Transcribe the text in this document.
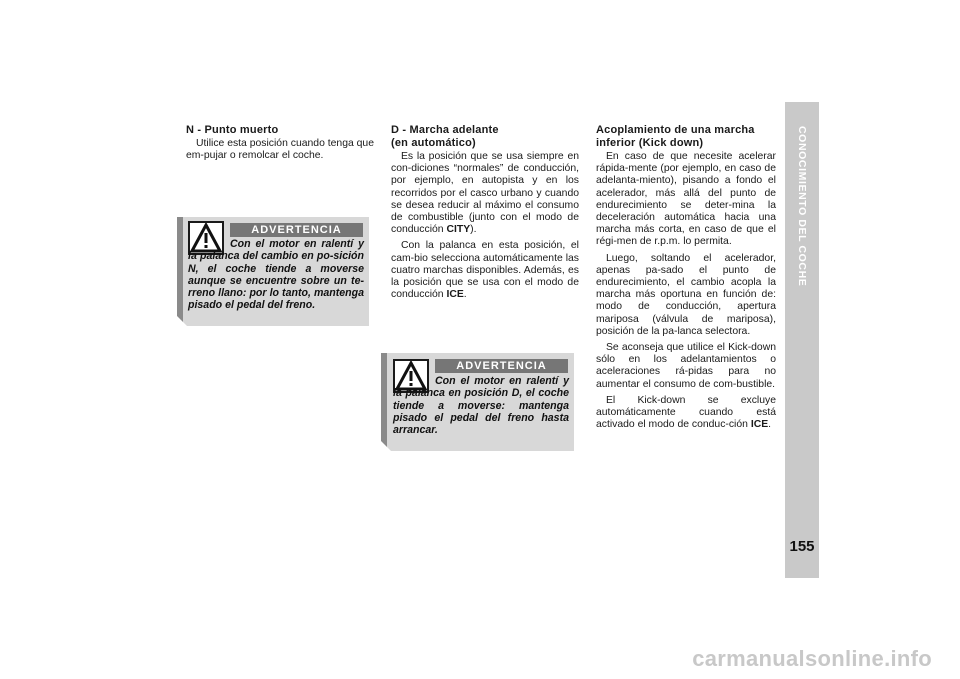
N - Punto muerto

Utilice esta posición cuando tenga que em-pujar o remolcar el coche.

ADVERTENCIA
Con el motor en ralentí y la palanca del cambio en po-sición N, el coche tiende a moverse aunque se encuentre sobre un te-rreno llano: por lo tanto, mantenga pisado el pedal del freno.
D - Marcha adelante
(en automático)

Es la posición que se usa siempre en con-diciones “normales” de conducción, por ejemplo, en autopista y en los recorridos por el casco urbano y cuando se desea reducir al máximo el consumo de combustible (junto con el modo de conducción CITY).

Con la palanca en esta posición, el cam-bio selecciona automáticamente las cuatro marchas disponibles. Además, es la posición que se usa con el modo de conducción ICE.

ADVERTENCIA
Con el motor en ralentí y la palanca en posición D, el coche tiende a moverse: mantenga pisado el pedal del freno hasta arrancar.
Acoplamiento de una marcha
inferior (Kick down)

En caso de que necesite acelerar rápida-mente (por ejemplo, en caso de adelanta-miento), pisando a fondo el acelerador, más allá del punto de endurecimiento se deter-mina la deceleración automática hacia una marcha más corta, en caso de que el régi-men de r.p.m. lo permita.

Luego, soltando el acelerador, apenas pa-sado el punto de endurecimiento, el cambio acopla la marcha más oportuna en función de: modo de conducción, apertura mariposa (válvula de mariposa), posición de la pa-lanca selectora.

Se aconseja que utilice el Kick-down sólo en los adelantamientos o aceleraciones rá-pidas para no aumentar el consumo de com-bustible.

El Kick-down se excluye automáticamente cuando está activado el modo de conduc-ción ICE.

CONOCIMIENTO DEL COCHE
155
carmanualsonline.info
